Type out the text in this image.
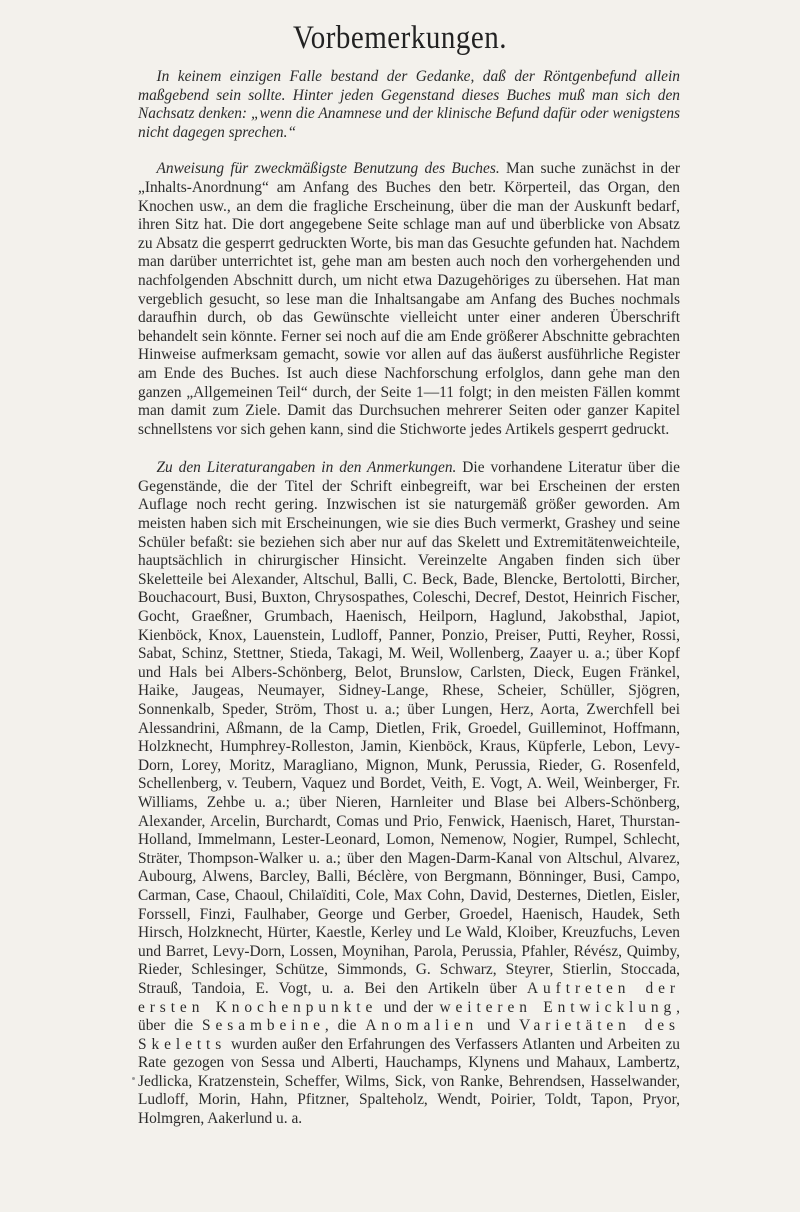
Vorbemerkungen.

In keinem einzigen Falle bestand der Gedanke, daß der Röntgenbefund allein maßgebend sein sollte. Hinter jeden Gegenstand dieses Buches muß man sich den Nachsatz denken: „wenn die Anamnese und der klinische Befund dafür oder wenigstens nicht dagegen sprechen.“

Anweisung für zweckmäßigste Benutzung des Buches. Man suche zunächst in der „Inhalts-Anordnung“ am Anfang des Buches den betr. Körperteil, das Organ, den Knochen usw., an dem die fragliche Erscheinung, über die man der Auskunft bedarf, ihren Sitz hat. Die dort angegebene Seite schlage man auf und überblicke von Absatz zu Absatz die gesperrt gedruckten Worte, bis man das Gesuchte gefunden hat. Nachdem man darüber unterrichtet ist, gehe man am besten auch noch den vorhergehenden und nachfolgenden Abschnitt durch, um nicht etwa Dazugehöriges zu übersehen. Hat man vergeblich gesucht, so lese man die Inhaltsangabe am Anfang des Buches nochmals daraufhin durch, ob das Gewünschte vielleicht unter einer anderen Überschrift behandelt sein könnte. Ferner sei noch auf die am Ende größerer Abschnitte gebrachten Hinweise aufmerksam gemacht, sowie vor allen auf das äußerst ausführliche Register am Ende des Buches. Ist auch diese Nachforschung erfolglos, dann gehe man den ganzen „Allgemeinen Teil“ durch, der Seite 1—11 folgt; in den meisten Fällen kommt man damit zum Ziele. Damit das Durchsuchen mehrerer Seiten oder ganzer Kapitel schnellstens vor sich gehen kann, sind die Stichworte jedes Artikels gesperrt gedruckt.

Zu den Literaturangaben in den Anmerkungen. Die vorhandene Literatur über die Gegenstände, die der Titel der Schrift einbegreift, war bei Erscheinen der ersten Auflage noch recht gering. Inzwischen ist sie naturgemäß größer geworden. Am meisten haben sich mit Erscheinungen, wie sie dies Buch vermerkt, Grashey und seine Schüler befaßt: sie beziehen sich aber nur auf das Skelett und Extremitätenweichteile, hauptsächlich in chirurgischer Hinsicht. Vereinzelte Angaben finden sich über Skeletteile bei Alexander, Altschul, Balli, C. Beck, Bade, Blencke, Bertolotti, Bircher, Bouchacourt, Busi, Buxton, Chrysospathes, Coleschi, Decref, Destot, Heinrich Fischer, Gocht, Graeßner, Grumbach, Haenisch, Heilporn, Haglund, Jakobsthal, Japiot, Kienböck, Knox, Lauenstein, Ludloff, Panner, Ponzio, Preiser, Putti, Reyher, Rossi, Sabat, Schinz, Stettner, Stieda, Takagi, M. Weil, Wollenberg, Zaayer u. a.; über Kopf und Hals bei Albers-Schönberg, Belot, Brunslow, Carlsten, Dieck, Eugen Fränkel, Haike, Jaugeas, Neumayer, Sidney-Lange, Rhese, Scheier, Schüller, Sjögren, Sonnenkalb, Speder, Ström, Thost u. a.; über Lungen, Herz, Aorta, Zwerchfell bei Alessandrini, Aßmann, de la Camp, Dietlen, Frik, Groedel, Guilleminot, Hoffmann, Holzknecht, Humphrey-Rolleston, Jamin, Kienböck, Kraus, Küpferle, Lebon, Levy-Dorn, Lorey, Moritz, Maragliano, Mignon, Munk, Perussia, Rieder, G. Rosenfeld, Schellenberg, v. Teubern, Vaquez und Bordet, Veith, E. Vogt, A. Weil, Weinberger, Fr. Williams, Zehbe u. a.; über Nieren, Harnleiter und Blase bei Albers-Schönberg, Alexander, Arcelin, Burchardt, Comas und Prio, Fenwick, Haenisch, Haret, Thurstan-Holland, Immelmann, Lester-Leonard, Lomon, Nemenow, Nogier, Rumpel, Schlecht, Sträter, Thompson-Walker u. a.; über den Magen-Darm-Kanal von Altschul, Alvarez, Aubourg, Alwens, Barcley, Balli, Béclère, von Bergmann, Bönninger, Busi, Campo, Carman, Case, Chaoul, Chilaïditi, Cole, Max Cohn, David, Desternes, Dietlen, Eisler, Forssell, Finzi, Faulhaber, George und Gerber, Groedel, Haenisch, Haudek, Seth Hirsch, Holzknecht, Hürter, Kaestle, Kerley und Le Wald, Kloiber, Kreuzfuchs, Leven und Barret, Levy-Dorn, Lossen, Moynihan, Parola, Perussia, Pfahler, Révész, Quimby, Rieder, Schlesinger, Schütze, Simmonds, G. Schwarz, Steyrer, Stierlin, Stoccada, Strauß, Tandoia, E. Vogt, u. a. Bei den Artikeln über Auftreten der ersten Knochenpunkte und der weiteren Entwicklung, über die Sesambeine, die Anomalien und Varietäten des Skeletts wurden außer den Erfahrungen des Verfassers Atlanten und Arbeiten zu Rate gezogen von Sessa und Alberti, Hauchamps, Klynens und Mahaux, Lambertz, Jedlicka, Kratzenstein, Scheffer, Wilms, Sick, von Ranke, Behrendsen, Hasselwander, Ludloff, Morin, Hahn, Pfitzner, Spalteholz, Wendt, Poirier, Toldt, Tapon, Pryor, Holmgren, Aakerlund u. a.
